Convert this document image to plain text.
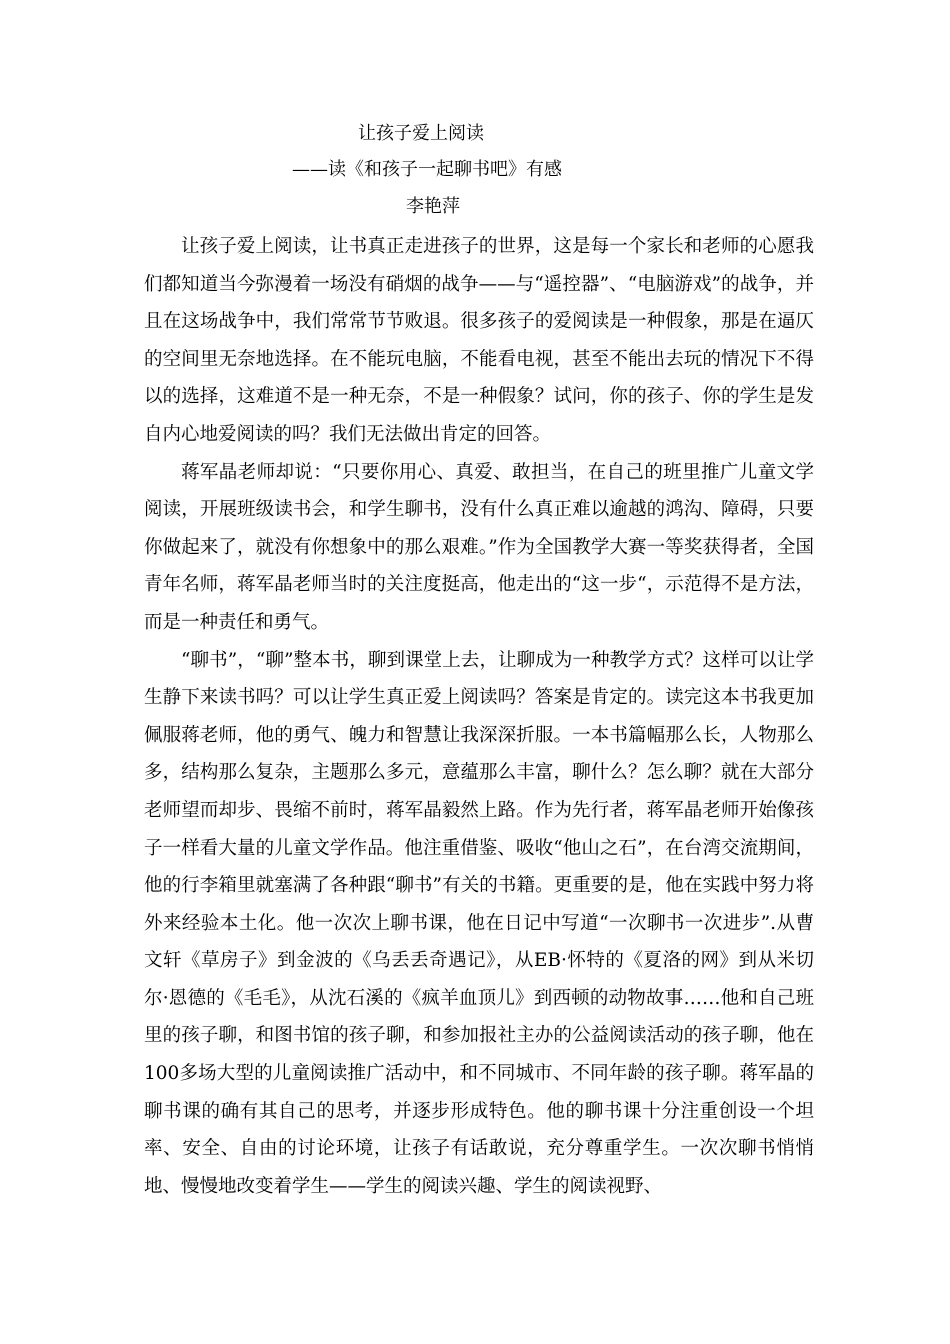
让孩子爱上阅读
——读《和孩子一起聊书吧》有感
李艳萍

让孩子爱上阅读，让书真正走进孩子的世界，这是每一个家长和老师的心愿我们都知道当今弥漫着一场没有硝烟的战争——与“遥控器”、“电脑游戏”的战争，并且在这场战争中，我们常常节节败退。很多孩子的爱阅读是一种假象，那是在逼仄的空间里无奈地选择。在不能玩电脑，不能看电视，甚至不能出去玩的情况下不得以的选择，这难道不是一种无奈，不是一种假象？试问，你的孩子、你的学生是发自内心地爱阅读的吗？我们无法做出肯定的回答。

蒋军晶老师却说：“只要你用心、真爱、敢担当，在自己的班里推广儿童文学阅读，开展班级读书会，和学生聊书，没有什么真正难以逾越的鸿沟、障碍，只要你做起来了，就没有你想象中的那么艰难。”作为全国教学大赛一等奖获得者，全国青年名师，蒋军晶老师当时的关注度挺高，他走出的“这一步“，示范得不是方法，而是一种责任和勇气。

“聊书”，“聊”整本书，聊到课堂上去，让聊成为一种教学方式？这样可以让学生静下来读书吗？可以让学生真正爱上阅读吗？答案是肯定的。读完这本书我更加佩服蒋老师，他的勇气、魄力和智慧让我深深折服。一本书篇幅那么长，人物那么多，结构那么复杂，主题那么多元，意蕴那么丰富，聊什么？怎么聊？就在大部分老师望而却步、畏缩不前时，蒋军晶毅然上路。作为先行者，蒋军晶老师开始像孩子一样看大量的儿童文学作品。他注重借鉴、吸收“他山之石”，在台湾交流期间，他的行李箱里就塞满了各种跟“聊书”有关的书籍。更重要的是，他在实践中努力将外来经验本土化。他一次次上聊书课，他在日记中写道“一次聊书一次进步”.从曹文轩《草房子》到金波的《乌丢丢奇遇记》，从EB·怀特的《夏洛的网》到从米切尔·恩德的《毛毛》，从沈石溪的《疯羊血顶儿》到西顿的动物故事……他和自己班里的孩子聊，和图书馆的孩子聊，和参加报社主办的公益阅读活动的孩子聊，他在100多场大型的儿童阅读推广活动中，和不同城市、不同年龄的孩子聊。蒋军晶的聊书课的确有其自己的思考，并逐步形成特色。他的聊书课十分注重创设一个坦率、安全、自由的讨论环境，让孩子有话敢说，充分尊重学生。一次次聊书悄悄地、慢慢地改变着学生——学生的阅读兴趣、学生的阅读视野、
